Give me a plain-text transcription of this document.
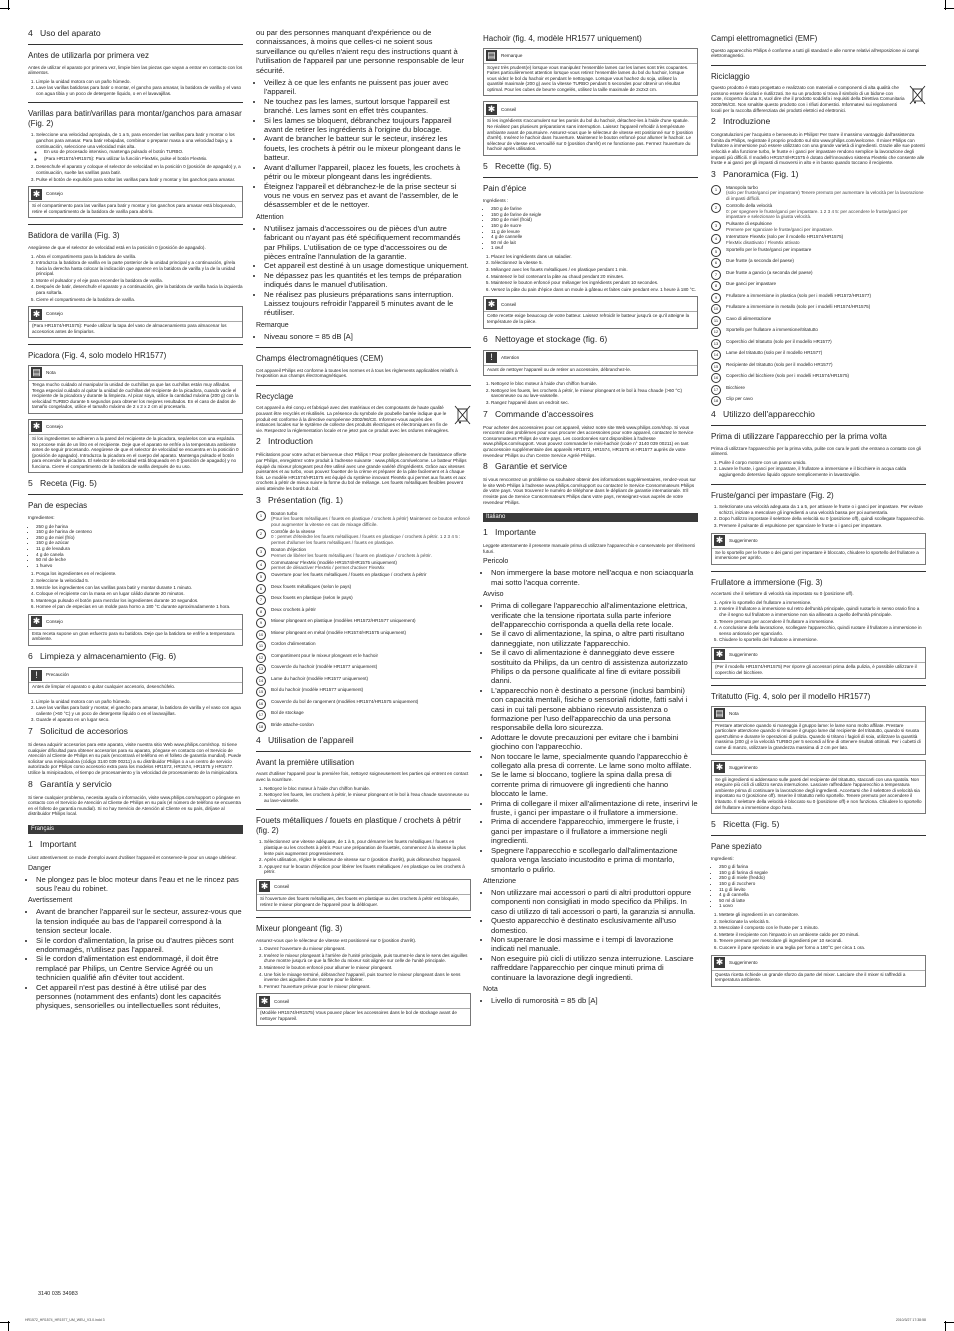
4 Uso del aparato
Antes de utilizarla por primera vez

Antes de utilizar el aparato por primera vez, limpie bien las piezas que vayan a entrar en contacto con los alimentos.

1. Limpie la unidad motora con un paño húmedo.
2. Lave las varillas batidoras para batir o montar, el gancho para amasar, la batidora de varilla y el vaso con agua tibia y un poco de detergente líquido, o en el lavavajillas.
Varillas para batir/varillas para montar/ganchos para amasar (Fig. 2)
1. Seleccione una velocidad apropiada, de 1 a 5, para encender las varillas para batir y montar o los ganchos para amasar. Para batir rebajadas, combinar o preparar masa a una velocidad baja y, a continuación, seleccione una velocidad más alta.
◦ En uso de procesado intensivo, mantenga pulsado el botón TURBO.
◦ (Para HR1574/HR1575): Para utilizar la función FlexMix, pulse el botón FlexMix.
2. Desenchufe el aparato y coloque el selector de velocidad en la posición 0 (posición de apagado) y, a continuación, suelte las varillas para batir.
3. Pulse el botón de expulsión para soltar las varillas para batir y montar y los ganchos para amasar.
✱	Consejo
Si el compartimento para las varillas para batir y montar y los ganchos para amasar está bloqueado, retire el compartimento de la batidora de varilla para abrirlo.
Batidora de varilla (Fig. 3)

Asegúrese de que el selector de velocidad está en la posición 0 (posición de apagado).

1. Abra el compartimento para la batidora de varilla.
2. Introduzca la batidora de varilla en la parte posterior de la unidad principal y a continuación, gírela hacia la derecha hasta colocar la indicación que aparece en la batidora de varilla y la de la unidad principal.
3. Monte el pulsador y el eje para encender la batidora de varilla.
4. Después de batir, desenchufe el aparato y a continuación, gire la batidora de varilla hacia la izquierda para soltarla.
5. Cierre el compartimento de la batidora de varilla.
✱	Consejo
(Para HR1574/HR1575): Puede utilizar la tapa del vaso de almacenamiento para almacenar los accesorios antes de limpiarlos.
Picadora (Fig. 4, solo modelo HR1577)
▤ Nota
Tenga mucho cuidado al manipular la unidad de cuchillas ya que las cuchillas están muy afiladas. Tenga especial cuidado al quitar la unidad de cuchillas del recipiente de la picadora, cuando vacíe el recipiente de la picadora y durante la limpieza. Al picar soya, utilice la cantidad máxima (200 g) con la velocidad TURBO durante 5 segundos para obtener los mejores resultados. En el caso de dados de tamaño congelados, utilice el tamaño máximo de 2 x 2 x 2 cm al procesarlo.
✱	Consejo
Si los ingredientes se adhieren a la pared del recipiente de la picadora, sepárelos con una espátula. No procese más de un litro en el recipiente. Deje que el aparato se enfríe a la temperatura ambiente antes de seguir procesando. Asegúrese de que el selector de velocidad se encuentra en la posición 0 (posición de apagado). Introduzca la picadora en el cuerpo del aparato. Mantenga pulsado el botón para encender la picadora. El selector de velocidad está bloqueado en 0 (posición de apagado) y no funciona. Cierre el compartimento de la batidora de varilla después de su uso.
5 Receta (Fig. 5)
Pan de especias

Ingredientes:

• 250 g de harina
• 150 g de harina de centeno
• 250 g de miel (frío)
• 150 g de azúcar
• 11 g de levadura
• 4 g de canela
• 50 ml de leche
• 1 huevo
1. Ponga los ingredientes en el recipiente.
2. Seleccione la velocidad 5.
3. Mezcle los ingredientes con las varillas para batir y montar durante 1 minuto.
4. Coloque el recipiente con la masa en un lugar cálido durante 20 minutos.
5. Mantenga pulsado el botón para mezclar los ingredientes durante 10 segundos.
6. Hornee el pan de especias en un molde para horno a 180 °C durante aproximadamente 1 hora.
✱	Consejo
Esta receta supone un gran esfuerzo para su batidora. Deje que la batidora se enfríe a temperatura ambiente.
6 Limpieza y almacenamiento (Fig. 6)
!	Precaución
Antes de limpiar el aparato o quitar cualquier accesorio, desenchúfelo.
1. Limpie la unidad motora con un paño húmedo.
2. Lave las varillas para batir y montar, el gancho para amasar, la batidora de varilla y el vaso con agua caliente (>60 °C) y un poco de detergente líquido o en el lavavajillas.
3. Guarde el aparato en un lugar seco.
7 Solicitud de accesorios

Si desea adquirir accesorios para este aparato, visite nuestra sitio Web www.philips.com/shop. Si tiene cualquier dificultad para obtener accesorios para su aparato, póngase en contacto con el Servicio de Atención al Cliente de Philips en su país (encontrará el teléfono en el folleto de garantía mundial). Puede solicitar una minipicadora (código 3140 039 00211) a su distribuidor Philips o a un centro de servicio autorizado por Philips como accesorio extra para los modelos HR1572, HR1574, HR1575 y HR1577. Utilice la minipicadora, el tiempo de procesamiento y la velocidad de procesamiento de la minipicadora.

8 Garantía y servicio

Si tiene cualquier problema, necesita ayuda o información, visite www.philips.com/support o póngase en contacto con el Servicio de Atención al Cliente de Philips en su país (el número de teléfono se encuentra en el folleto de garantía mundial). Si no hay Servicio de Atención al Cliente en su país, diríjase al distribuidor Philips local.

Français
1 Important

Lisez attentivement ce mode d'emploi avant d'utiliser l'appareil et conservez-le pour un usage ultérieur.

Danger
• Ne plongez pas le bloc moteur dans l'eau et ne le rincez pas sous l'eau du robinet.
Avertissement
• Avant de brancher l'appareil sur le secteur, assurez-vous que la tension indiquée au bas de l'appareil correspond à la tension secteur locale.
• Si le cordon d'alimentation, la prise ou d'autres pièces sont endommagés, n'utilisez pas l'appareil.
• Si le cordon d'alimentation est endommagé, il doit être remplacé par Philips, un Centre Service Agréé ou un technicien qualifié afin d'éviter tout accident.
• Cet appareil n'est pas destiné à être utilisé par des personnes (notamment des enfants) dont les capacités physiques, sensorielles ou intellectuelles sont réduites,

ou par des personnes manquant d'expérience ou de connaissances, à moins que celles-ci ne soient sous surveillance ou qu'elles n'aient reçu des instructions quant à l'utilisation de l'appareil par une personne responsable de leur sécurité.

• Veillez à ce que les enfants ne puissent pas jouer avec l'appareil.
• Ne touchez pas les lames, surtout lorsque l'appareil est branché. Les lames sont en effet très coupantes.
• Si les lames se bloquent, débranchez toujours l'appareil avant de retirer les ingrédients à l'origine du blocage.
• Avant de brancher le batteur sur le secteur, insérez les fouets, les crochets à pétrir ou le mixeur plongeant dans le batteur.
• Avant d'allumer l'appareil, placez les fouets, les crochets à pétrir ou le mixeur plongeant dans les ingrédients.
• Éteignez l'appareil et débranchez-le de la prise secteur si vous ne vous en servez pas et avant de l'assembler, de le désassembler et de le nettoyer.
Attention
• N'utilisez jamais d'accessoires ou de pièces d'un autre fabricant ou n'ayant pas été spécifiquement recommandés par Philips. L'utilisation de ce type d'accessoires ou de pièces entraîne l'annulation de la garantie.
• Cet appareil est destiné à un usage domestique uniquement.
• Ne dépassez pas les quantités et les temps de préparation indiqués dans le manuel d'utilisation.
• Ne réalisez pas plusieurs préparations sans interruption. Laissez toujours refroidir l'appareil 5 minutes avant de le réutiliser.
Remarque
• Niveau sonore = 85 dB [A]
Champs électromagnétiques (CEM)

Cet appareil Philips est conforme à toutes les normes et à tous les règlements applicables relatifs à l'exposition aux champs électromagnétiques.

Recyclage

Cet appareil a été conçu et fabriqué avec des matériaux et des composants de haute qualité pouvant être recyclés et réutilisés. La présence du symbole de poubelle barrée indique que le produit est conforme à la directive européenne 2002/96/CE. Informez-vous auprès des instances locales sur le système de collecte des produits électriques et électroniques en fin de vie. Respectez la réglementation locale et ne jetez pas ce produit avec les ordures ménagères.

2 Introduction

Félicitations pour votre achat et bienvenue chez Philips ! Pour profiter pleinement de l'assistance offerte par Philips, enregistrez votre produit à l'adresse suivante : www.philips.com/welcome. Le batteur Philips équipé du mixeur plongeant peut être utilisé avec une grande variété d'ingrédients. Grâce aux vitesses puissantes et au turbo, vous pouvez fouetter de la crème et préparer de la pâte facilement et à chaque fois. Le modèle HR1574/HR1575 est équipé du système innovant FlexMix qui permet aux fouets et aux crochets à pétrir de mieux suivre la forme du bol de mélange. Les fouets métalliques flexibles peuvent ainsi atteindre les bords du bol.

3 Présentation (fig. 1)
1	Bouton turbo
(Pour les fouets métalliques / fouets en plastique / crochets à pétrir) Maintenez ce bouton enfoncé pour augmenter la vitesse en cas de mixage difficile.
2	Contrôle de la vitesse
0 : permet d'éteindre les fouets métalliques / fouets en plastique / crochets à pétrir. 1 2 3 4 5 : permet d'allumer les fouets métalliques / fouets en plastique.
3	Bouton d'éjection
Permet de libérer les fouets métalliques / fouets en plastique / crochets à pétrir.
4	Commutateur FlexMix (modèle HR1574/HR1575 uniquement)
permet de désactiver FlexMix / permet d'activer FlexMix
5	Ouverture pour les fouets métalliques / fouets en plastique / crochets à pétrir
6	Deux fouets métalliques (selon le pays)
7	Deux fouets en plastique (selon le pays)
8	Deux crochets à pétrir
9	Mixeur plongeant en plastique (modèles HR1572/HR1577 uniquement)
10	Mixeur plongeant en métal (modèle HR1574/HR1575 uniquement)
11	Cordon d'alimentation
12	Compartiment pour le mixeur plongeant et le hachoir
13	Couvercle du hachoir (modèle HR1577 uniquement)
14	Lame du hachoir (modèle HR1577 uniquement)
15	Bol du hachoir (modèle HR1577 uniquement)
16	Couvercle du bol de rangement (modèles HR1574/HR1575 uniquement)
17	Bol de stockage
18	Bride attache-cordon
4 Utilisation de l'appareil
Avant la première utilisation

Avant d'utiliser l'appareil pour la première fois, nettoyez soigneusement les parties qui entrent en contact avec la nourriture.

1. Nettoyez le bloc moteur à l'aide d'un chiffon humide.
2. Nettoyez les fouets, les crochets à pétrir, le mixeur plongeant et le bol à l'eau chaude savonneuse ou au lave-vaisselle.
Fouets métalliques / fouets en plastique / crochets à pétrir (fig. 2)
1. Sélectionnez une vitesse adéquate, de 1 à 5, pour démarrer les fouets métalliques / fouets en plastique ou les crochets à pétrir. Pour une préparation de fouettés, commencez à la vitesse la plus lente puis augmentez progressivement.
2. Après utilisation, réglez le sélecteur de vitesse sur 0 (position d'arrêt), puis débranchez l'appareil.
3. Appuyez sur le bouton d'éjection pour libérer les fouets métalliques / en plastique ou les crochets à pétrir.
✱	Conseil
Si l'ouverture des fouets métalliques, des fouets en plastique ou des crochets à pétrir est bloquée, retirez le mixeur plongeant de l'appareil pour la débloquer.
Mixeur plongeant (fig. 3)

Assurez-vous que le sélecteur de vitesse est positionné sur 0 (position d'arrêt).

1. Ouvrez l'ouverture du mixeur plongeant.
2. Insérez le mixeur plongeant à l'arrière de l'unité principale, puis tournez-le dans le sens des aiguilles d'une montre jusqu'à ce que la flèche du mixeur soit alignée sur celle de l'unité principale.
3. Maintenez le bouton enfoncé pour allumer le mixeur plongeant.
4. Une fois le mixage terminé, débranchez l'appareil, puis tournez le mixeur plongeant dans le sens inverse des aiguilles d'une montre pour le libérer.
5. Fermez l'ouverture prévue pour le mixeur plongeant.
✱	Conseil
(Modèle HR1574/HR1575) Vous pouvez placer les accessoires dans le bol de stockage avant de nettoyer l'appareil.
Hachoir (fig. 4, modèle HR1577 uniquement)
▤ Remarque
Soyez très prudent(e) lorsque vous manipulez l'ensemble lames car les lames sont très coupantes. Faites particulièrement attention lorsque vous retirez l'ensemble lames du bol du hachoir, lorsque vous videz le bol du hachoir et pendant le nettoyage. Lorsque vous hachez du soja, utilisez la quantité maximale (200 g) avec la vitesse TURBO pendant 5 secondes pour obtenir un résultat optimal. Pour les cubes de beurre congelés, utilisez la taille maximale de 2x2x2 cm.
✱	Conseil
Si les ingrédients s'accumulent sur les parois du bol du hachoir, détachez-les à l'aide d'une spatule. Ne réalisez pas plusieurs préparations sans interruption. Laissez l'appareil refroidir à température ambiante avant de poursuivre. Assurez-vous que le sélecteur de vitesse est positionné sur 0 (position d'arrêt). Insérez le hachoir dans l'ouverture. Maintenez le bouton enfoncé pour allumer le hachoir. Le sélecteur de vitesse est verrouillé sur 0 (position d'arrêt) et ne fonctionne pas. Fermez l'ouverture du hachoir après utilisation.
5 Recette (fig. 5)
Pain d'épice

Ingrédients :

• 250 g de farine
• 150 g de farine de seigle
• 250 g de miel (froid)
• 150 g de sucre
• 11 g de levure
• 4 g de cannelle
• 50 ml de lait
• 1 œuf
1. Placez les ingrédients dans un saladier.
2. Sélectionnez la vitesse 5.
3. Mélangez avec les fouets métalliques / en plastique pendant 1 min.
4. Maintenez le bol contenant la pâte au chaud pendant 20 minutes.
5. Maintenez le bouton enfoncé pour mélanger les ingrédients pendant 10 secondes.
6. Versez la pâte du pain d'épice dans un moule à gâteau et faites cuire pendant env. 1 heure à 180 °C.
✱	Conseil
Cette recette exige beaucoup de votre batteur. Laissez refroidir le batteur jusqu'à ce qu'il atteigne la température de la pièce.
6 Nettoyage et stockage (fig. 6)
!	Attention
Avant de nettoyer l'appareil ou de retirer un accessoire, débranchez-le.
1. Nettoyez le bloc moteur à l'aide d'un chiffon humide.
2. Nettoyez les fouets, les crochets à pétrir, le mixeur plongeant et le bol à l'eau chaude (>60 °C) savonneuse ou au lave-vaisselle.
3. Rangez l'appareil dans un endroit sec.
7 Commande d'accessoires

Pour acheter des accessoires pour cet appareil, visitez notre site Web www.philips.com/shop. Si vous rencontrez des problèmes pour vous procurer des accessoires pour votre appareil, contactez le Service Consommateurs Philips de votre pays. Les coordonnées sont disponibles à l'adresse www.philips.com/support. Vous pouvez commander le mini-hachoir (code n° 3140 039 00211) en tant qu'accessoire supplémentaire des appareils HR1572, HR1574, HR1575 et HR1577 auprès de votre revendeur Philips ou d'un Centre Service Agréé Philips.

8 Garantie et service

Si vous rencontrez un problème ou souhaitez obtenir des informations supplémentaires, rendez-vous sur le site Web Philips à l'adresse www.philips.com/support ou contactez le Service Consommateurs Philips de votre pays. Vous trouverez le numéro de téléphone dans le dépliant de garantie internationale. S'il n'existe pas de Service Consommateurs Philips dans votre pays, renseignez-vous auprès de votre revendeur Philips.

Italiano
1 Importante

Leggete attentamente il presente manuale prima di utilizzare l'apparecchio e conservatelo per riferimenti futuri.

Pericolo
• Non immergere la base motore nell'acqua e non sciacquarla mai sotto l'acqua corrente.
Avviso
• Prima di collegare l'apparecchio all'alimentazione elettrica, verificate che la tensione riportata sulla parte inferiore dell'apparecchio corrisponda a quella della rete locale.
• Se il cavo di alimentazione, la spina, o altre parti risultano danneggiate, non utilizzate l'apparecchio.
• Se il cavo di alimentazione è danneggiato deve essere sostituito da Philips, da un centro di assistenza autorizzato Philips o da persone qualificate al fine di evitare possibili danni.
• L'apparecchio non è destinato a persone (inclusi bambini) con capacità mentali, fisiche o sensoriali ridotte, fatti salvi i casi in cui tali persone abbiano ricevuto assistenza o formazione per l'uso dell'apparecchio da una persona responsabile della loro sicurezza.
• Adottare le dovute precauzioni per evitare che i bambini giochino con l'apparecchio.
• Non toccare le lame, specialmente quando l'apparecchio è collegato alla presa di corrente. Le lame sono molto affilate.
• Se le lame si bloccano, togliere la spina dalla presa di corrente prima di rimuovere gli ingredienti che hanno bloccato le lame.
• Prima di collegare il mixer all'alimentazione di rete, inserirvi le fruste, i ganci per impastare o il frullatore a immersione.
• Prima di accendere l'apparecchio, immergere le fruste, i ganci per impastare o il frullatore a immersione negli ingredienti.
• Spegnere l'apparecchio e scollegarlo dall'alimentazione qualora venga lasciato incustodito e prima di montarlo, smontarlo o pulirlo.
Attenzione
• Non utilizzare mai accessori o parti di altri produttori oppure componenti non consigliati in modo specifico da Philips. In caso di utilizzo di tali accessori o parti, la garanzia si annulla.
• Questo apparecchio è destinato esclusivamente all'uso domestico.
• Non superare le dosi massime e i tempi di lavorazione indicati nel manuale.
• Non eseguire più cicli di utilizzo senza interruzione. Lasciare raffreddare l'apparecchio per cinque minuti prima di continuare la lavorazione degli ingredienti.
Nota
• Livello di rumorosità = 85 db [A]
Campi elettromagnetici (EMF)

Questo apparecchio Philips è conforme a tutti gli standard e alle norme relativi all'esposizione ai campi elettromagnetici.

Riciclaggio

Questo prodotto è stato progettato e realizzato con materiali e componenti di alta qualità che possono essere riciclati e riutilizzati. Se su un prodotto si trova il simbolo di un bidone con ruote, ricoperto da una X, vuol dire che il prodotto soddisfa i requisiti della Direttiva Comunitaria 2002/96/CE. Non smaltite questo prodotto con i rifiuti domestici. Informatevi sui regolamenti locali per la raccolta differenziata dei prodotti elettrici ed elettronici.

2 Introduzione

Congratulazioni per l'acquisto e benvenuto in Philips! Per trarre il massimo vantaggio dall'assistenza fornita da Philips, registrate il proprio prodotto sul sito www.philips.com/welcome. Il mixer Philips con frullatore a immersione può essere utilizzato con una grande varietà di ingredienti. Grazie alle sue potenti velocità e alla funzione turbo, le fruste e i ganci per impastare rendono semplice la lavorazione degli impasti più difficili. Il modello HR1574/HR1575 è dotato dell'innovativo sistema FlexMix che consente alle fruste e ai ganci per gli impasti di muoversi in alto e in basso quando toccano il recipiente.

3 Panoramica (Fig. 1)
1	Manopola turbo
(solo per fruste/ganci per impastare) Tenere premuto per aumentare la velocità per la lavorazione di impasti difficili.
2	Controllo della velocità
0: per spegnere le fruste/ganci per impastare. 1 2 3 4 5: per accendere le fruste/ganci per impastare e selezionare la giusta velocità.
3	Pulsante di espulsione
Premere per sganciare le fruste/ganci per impastare.
4	Interruttore FlexMix (solo per il modello HR1574/HR1575)
FlexMix disattivato / FlexMix attivato
5	Sportello per le fruste/ganci per impastare
6	Due fruste (a seconda del paese)
7	Due fruste a gancio (a seconda del paese)
8	Due ganci per impastare
9	Frullatore a immersione in plastica (solo per i modelli HR1572/HR1577)
10	Frullatore a immersione in metallo (solo per i modelli HR1574/HR1575)
11	Cavo di alimentazione
12	Sportello per frullatore a immersione/tritatutto
13	Coperchio del tritatutto (solo per il modello HR1577)
14	Lame del tritatutto (solo per il modello HR1577)
15	Recipiente del tritatutto (solo per il modello HR1577)
16	Coperchio del bicchiere (solo per i modelli HR1574/HR1575)
17	Bicchiere
18	Clip per cavo
4 Utilizzo dell'apparecchio
Prima di utilizzare l'apparecchio per la prima volta

Prima di utilizzare l'apparecchio per la prima volta, pulite con cura le parti che entrano a contatto con gli alimenti.

1. Pulire il corpo motore con un panno umido.
2. Lavare le fruste, i ganci per impastare, il frullatore a immersione e il bicchiere in acqua calda aggiungendo detersivo liquido oppure semplicemente in lavastoviglie.
Fruste/ganci per impastare (Fig. 2)
1. Selezionate una velocità adeguata da 1 a 5, per attivare le fruste o i ganci per impastare. Per evitare schizzi, iniziate a mescolare gli ingredienti a una velocità bassa per poi aumentarla.
2. Dopo l'utilizzo impostate il selettore della velocità su 0 (posizione off), quindi scollegate l'apparecchio.
3. Premere il pulsante di espulsione per sganciare le fruste o i ganci per impastare.
✱	Suggerimento
Se lo sportello per le fruste o dei ganci per impastare è bloccato, chiudere lo sportello del frullatore a immersione per aprirlo.
Frullatore a immersione (Fig. 3)

Accertarsi che il selettore di velocità sia impostato su 0 (posizione off).

1. Aprire lo sportello del frullatore a immersione.
2. Inserire il frullatore a immersione sul retro dell'unità principale, quindi ruotarlo in senso orario fino a che il segno sul frullatore a immersione non sia allineato a quello dell'unità principale.
3. Tenere premuto per accendere il frullatore a immersione.
4. A conclusione della lavorazione, scollegare l'apparecchio, quindi ruotare il frullatore a immersione in senso antiorario per sganciarlo.
5. Chiudere lo sportello del frullatore a immersione.
✱	Suggerimento
(Per il modello HR1574/HR1575) Per riporre gli accessori prima della pulizia, è possibile utilizzare il coperchio del bicchiere.
Tritatutto (Fig. 4, solo per il modello HR1577)
▤ Nota
Prestare attenzione quando si maneggia il gruppo lame: le lame sono molto affilate. Prestare particolare attenzione quando si rimuove il gruppo lame dal recipiente del tritatutto, quando si svuota quest'ultimo e durante le operazioni di pulizia. Quando si tritano i fagioli di soia, utilizzare la quantità massima (200 g) e la velocità TURBO per 5 secondi al fine di ottenere risultati ottimali. Per i cubetti di carne di manzo, utilizzare la grandezza massima di 2 cm per lato.
✱	Suggerimento
Se gli ingredienti si addensano sulle pareti del recipiente del tritatutto, staccarli con una spatola. Non eseguire più cicli di utilizzo senza interruzione. Lasciare raffreddare l'apparecchio a temperatura ambiente prima di continuare la lavorazione degli ingredienti. Accertarsi che il selettore di velocità sia impostato su 0 (posizione off). Inserire il tritatutto nello sportello. Tenere premuto per accendere il tritatutto. Il selettore della velocità è bloccato su 0 (posizione off) e non funziona. Chiudere lo sportello del frullatore a immersione dopo l'uso.
5 Ricetta (Fig. 5)
Pane speziato

Ingredienti:

• 250 g di farina
• 150 g di farina di segale
• 250 g di miele (freddo)
• 150 g di zucchero
• 11 g di lievito
• 4 g di cannella
• 50 ml di latte
• 1 uovo
1. Mettete gli ingredienti in un contenitore.
2. Selezionate la velocità 5.
3. Mescolate il composto con le fruste per 1 minuto.
4. Mettete il recipiente con l'impasto in un ambiente caldo per 20 minuti.
5. Tenere premuto per mescolare gli ingredienti per 10 secondi.
6. Cuocere il pane speziato in una teglia per forno a 180°C per circa 1 ora.
✱	Suggerimento
Questa ricetta richiede un grande sforzo da parte del mixer. Lasciare che il mixer si raffreddi a temperatura ambiente.
3140 035 34983
HR1572_HR1574_HR1577_UM_WEU_V3.0.indd 3	2010/3/27 17:38:58
